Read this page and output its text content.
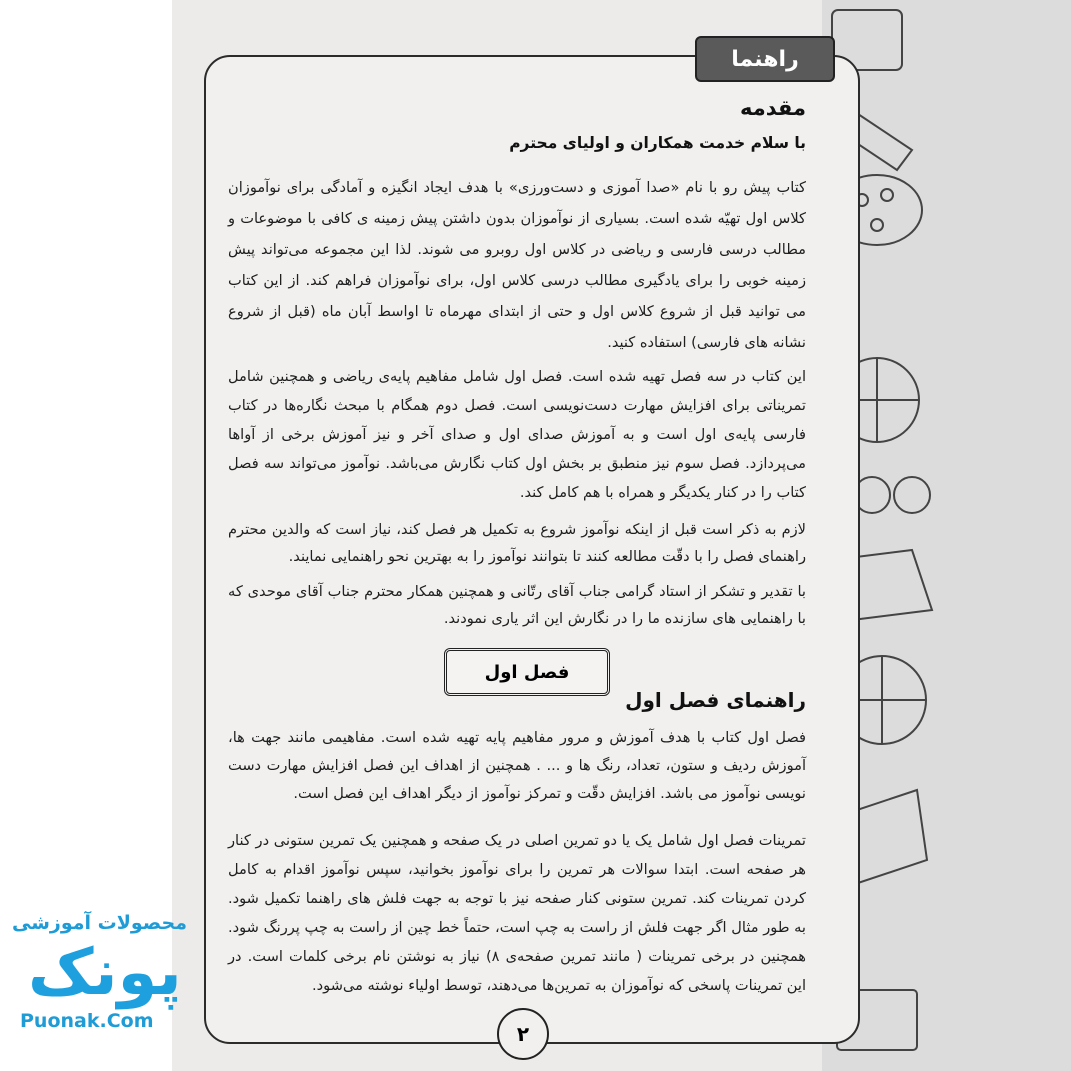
راهنما
مقدمه
با سلام خدمت همکاران و اولیای محترم
کتاب پیش رو با نام «صدا آموزی و دست‌ورزی» با هدف ایجاد انگیزه و آمادگی برای نوآموزان کلاس اول تهیّه شده است. بسیاری از نوآموزان بدون داشتن پیش زمینه ی کافی با موضوعات و مطالب درسی فارسی و ریاضی در کلاس اول روبرو می شوند. لذا این مجموعه می‌تواند پیش زمینه خوبی را برای یادگیری مطالب درسی کلاس اول، برای نوآموزان فراهم کند. از این کتاب می توانید قبل از شروع کلاس اول و حتی از ابتدای مهرماه تا اواسط آبان ماه (قبل از شروع نشانه های فارسی) استفاده کنید.
این کتاب در سه فصل تهیه شده است. فصل اول شامل مفاهیم پایه‌ی ریاضی و همچنین شامل تمریناتی برای افزایش مهارت دست‌نویسی است. فصل دوم همگام با مبحث نگاره‌ها در کتاب فارسی پایه‌ی اول است و به آموزش صدای اول و صدای آخر و نیز آموزش برخی از آواها می‌پردازد. فصل سوم نیز منطبق بر بخش اول کتاب نگارش می‌باشد. نوآموز می‌تواند سه فصل کتاب را در کنار یکدیگر و همراه با هم کامل کند.
لازم به ذکر است قبل از اینکه نوآموز شروع به تکمیل هر فصل کند، نیاز است که والدین محترم راهنمای فصل را با دقّت مطالعه کنند تا بتوانند نوآموز را به بهترین نحو راهنمایی نمایند.
با تقدیر و تشکر از استاد گرامی جناب آقای رتّانی و همچنین همکار محترم جناب آقای موحدی که با راهنمایی های سازنده ما را در نگارش این اثر یاری نمودند.
فصل اول
راهنمای فصل اول
فصل اول کتاب با هدف آموزش و مرور مفاهیم پایه تهیه شده است. مفاهیمی مانند جهت ها، آموزش ردیف و ستون، تعداد، رنگ ها و ... . همچنین از اهداف این فصل افزایش مهارت دست نویسی نوآموز می باشد. افزایش دقّت و تمرکز نوآموز از دیگر اهداف این فصل است.
تمرینات فصل اول شامل یک یا دو تمرین اصلی در یک صفحه و همچنین یک تمرین ستونی در کنار هر صفحه است. ابتدا سوالات هر تمرین را برای نوآموز بخوانید، سپس نوآموز اقدام به کامل کردن تمرینات کند. تمرین ستونی کنار صفحه نیز با توجه به جهت فلش های راهنما تکمیل شود. به طور مثال اگر جهت فلش از راست به چپ است، حتماً خط چین از راست به چپ پررنگ شود. همچنین در برخی تمرینات ( مانند تمرین صفحه‌ی ۸) نیاز به نوشتن نام برخی کلمات است. در این تمرینات پاسخی که نوآموزان به تمرین‌ها می‌دهند، توسط اولیاء نوشته می‌شود.
۲
محصولات آموزشی
پونک
Puonak.Com
